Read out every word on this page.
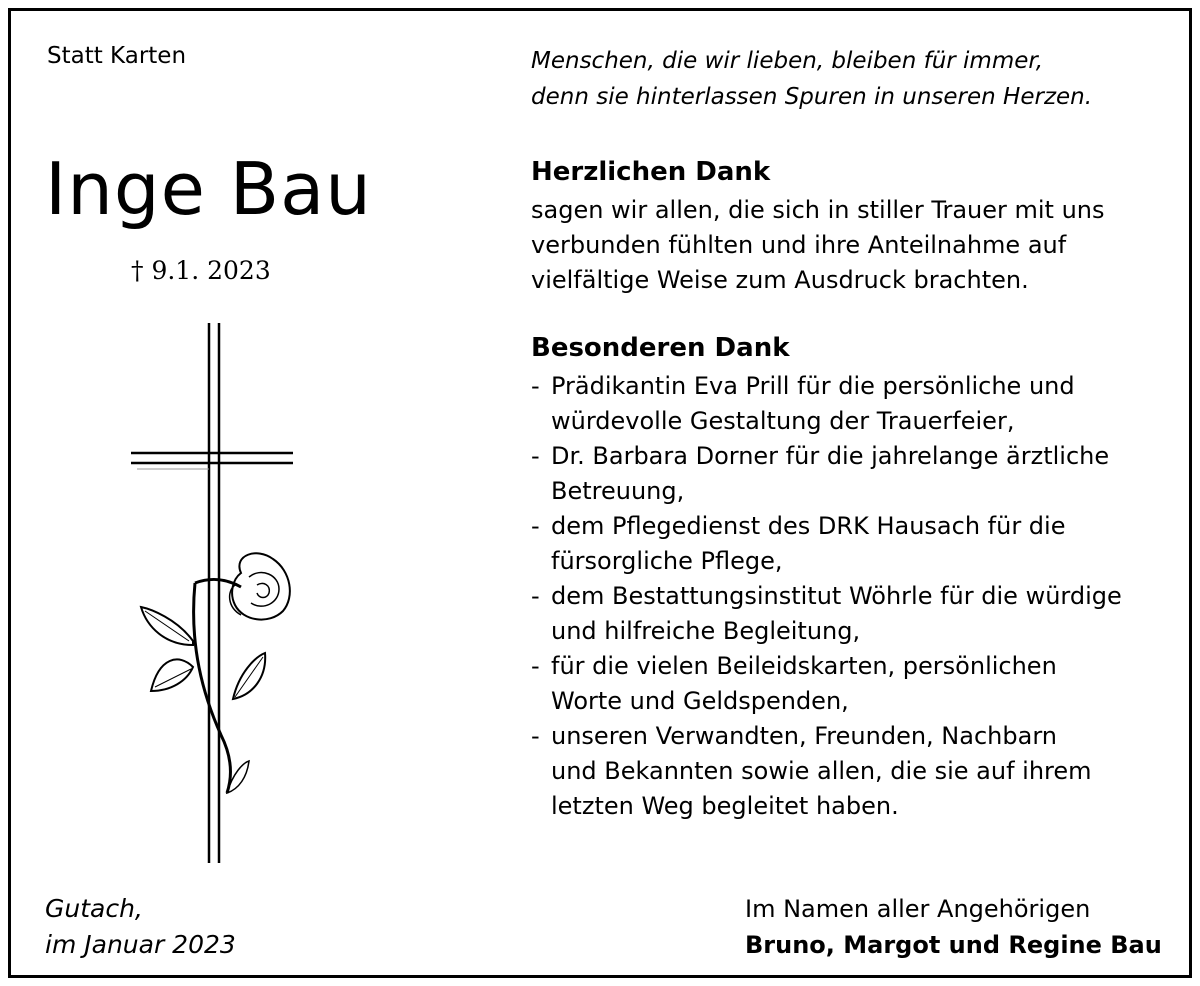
Statt Karten
Inge Bau
† 9.1. 2023
Menschen, die wir lieben, bleiben für immer,
denn sie hinterlassen Spuren in unseren Herzen.
Herzlichen Dank
sagen wir allen, die sich in stiller Trauer mit uns
verbunden fühlten und ihre Anteilnahme auf
vielfältige Weise zum Ausdruck brachten.
Besonderen Dank
- Prädikantin Eva Prill für die persönliche und
würdevolle Gestaltung der Trauerfeier,
- Dr. Barbara Dorner für die jahrelange ärztliche
Betreuung,
- dem Pflegedienst des DRK Hausach für die
fürsorgliche Pflege,
- dem Bestattungsinstitut Wöhrle für die würdige
und hilfreiche Begleitung,
- für die vielen Beileidskarten, persönlichen
Worte und Geldspenden,
- unseren Verwandten, Freunden, Nachbarn
und Bekannten sowie allen, die sie auf ihrem
letzten Weg begleitet haben.
Gutach,
im Januar 2023
Im Namen aller Angehörigen
Bruno, Margot und Regine Bau
